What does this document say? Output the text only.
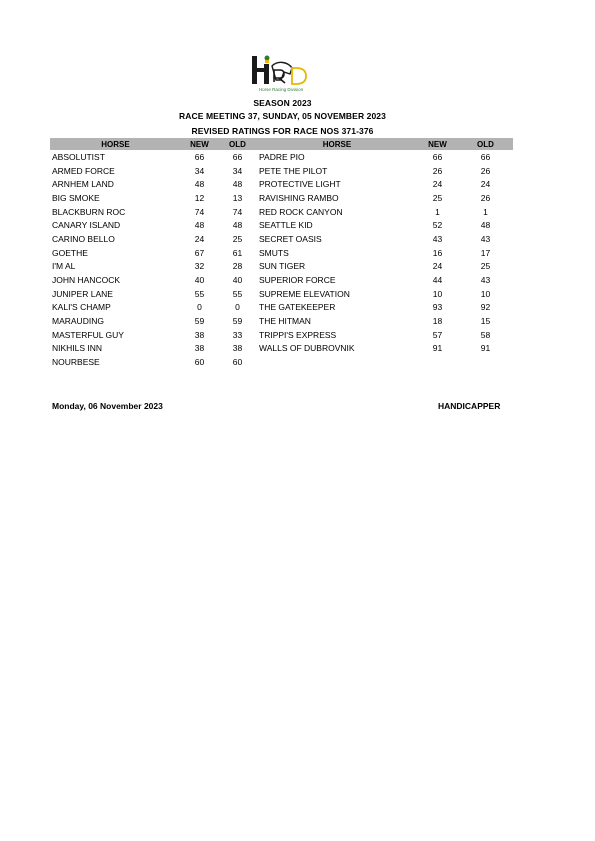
Horse Racing Division
SEASON 2023
RACE MEETING 37, SUNDAY, 05 NOVEMBER 2023
REVISED RATINGS FOR RACE NOS 371-376
HORSE	NEW	OLD	HORSE	NEW	OLD
ABSOLUTIST	66	66	PADRE PIO	66	66
ARMED FORCE	34	34	PETE THE PILOT	26	26
ARNHEM LAND	48	48	PROTECTIVE LIGHT	24	24
BIG SMOKE	12	13	RAVISHING RAMBO	25	26
BLACKBURN ROC	74	74	RED ROCK CANYON	1	1
CANARY ISLAND	48	48	SEATTLE KID	52	48
CARINO BELLO	24	25	SECRET OASIS	43	43
GOETHE	67	61	SMUTS	16	17
I'M AL	32	28	SUN TIGER	24	25
JOHN HANCOCK	40	40	SUPERIOR FORCE	44	43
JUNIPER LANE	55	55	SUPREME ELEVATION	10	10
KALI'S CHAMP	0	0	THE GATEKEEPER	93	92
MARAUDING	59	59	THE HITMAN	18	15
MASTERFUL GUY	38	33	TRIPPI'S EXPRESS	57	58
NIKHILS INN	38	38	WALLS OF DUBROVNIK	91	91
NOURBESE	60	60			
Monday, 06 November 2023	HANDICAPPER
